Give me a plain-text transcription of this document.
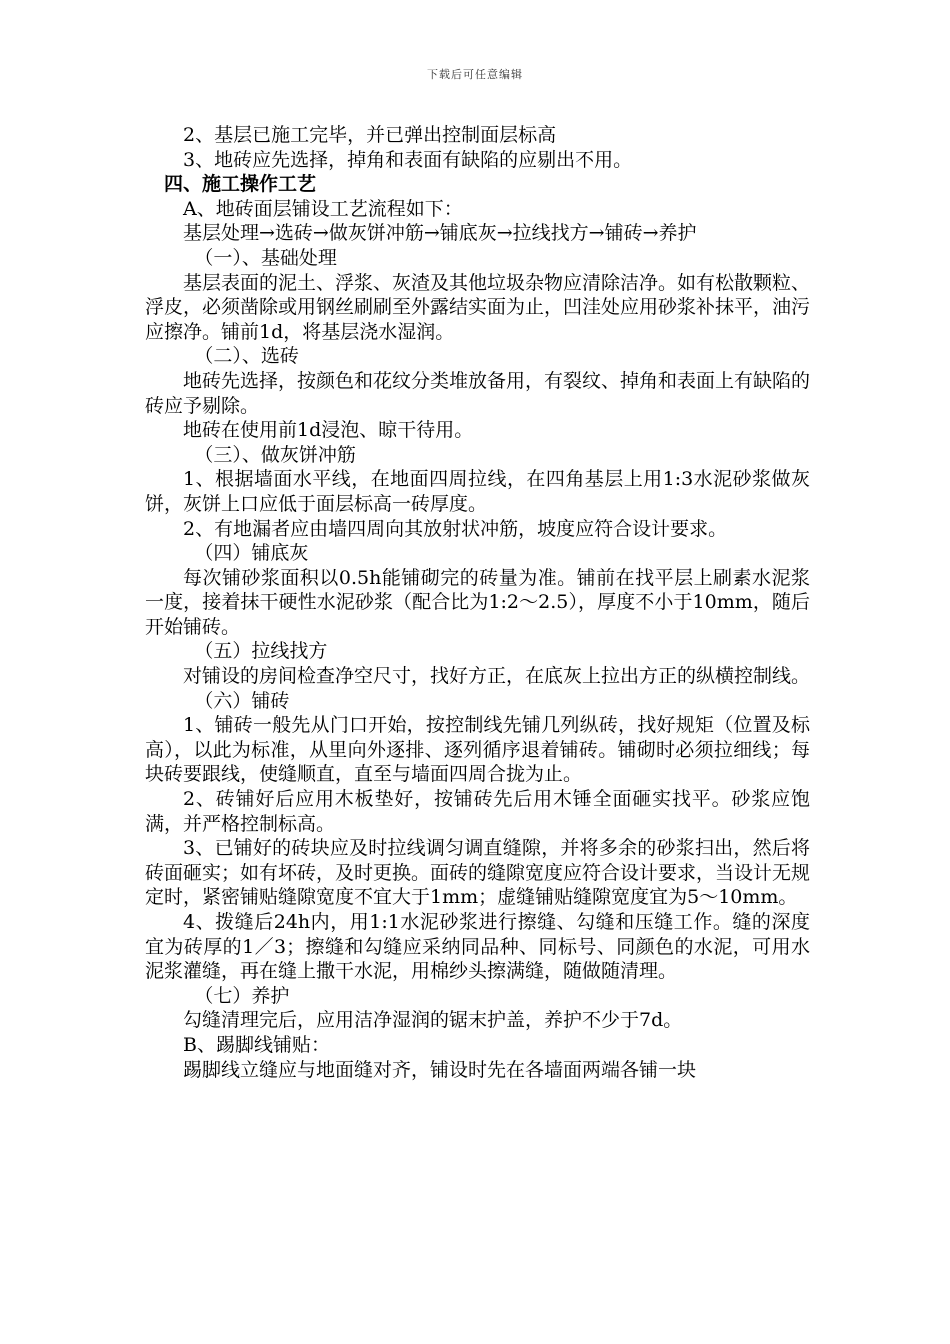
下载后可任意编辑

2、基层已施工完毕，并已弹出控制面层标高

3、地砖应先选择，掉角和表面有缺陷的应剔出不用。

四、施工操作工艺

A、地砖面层铺设工艺流程如下：

基层处理→选砖→做灰饼冲筋→铺底灰→拉线找方→铺砖→养护

（一）、基础处理

基层表面的泥土、浮浆、灰渣及其他垃圾杂物应清除洁净。如有松散颗粒、浮皮，必须凿除或用钢丝刷刷至外露结实面为止，凹洼处应用砂浆补抹平，油污应擦净。铺前1d，将基层浇水湿润。

（二）、选砖

地砖先选择，按颜色和花纹分类堆放备用，有裂纹、掉角和表面上有缺陷的砖应予剔除。

地砖在使用前1d浸泡、晾干待用。

（三）、做灰饼冲筋

1、根据墙面水平线，在地面四周拉线，在四角基层上用1:3水泥砂浆做灰饼，灰饼上口应低于面层标高一砖厚度。

2、有地漏者应由墙四周向其放射状冲筋，坡度应符合设计要求。

（四）铺底灰

每次铺砂浆面积以0.5h能铺砌完的砖量为准。铺前在找平层上刷素水泥浆一度，接着抹干硬性水泥砂浆（配合比为1:2～2.5），厚度不小于10mm，随后开始铺砖。

（五）拉线找方

对铺设的房间检查净空尺寸，找好方正，在底灰上拉出方正的纵横控制线。

（六）铺砖

1、铺砖一般先从门口开始，按控制线先铺几列纵砖，找好规矩（位置及标高），以此为标准，从里向外逐排、逐列循序退着铺砖。铺砌时必须拉细线；每块砖要跟线，使缝顺直，直至与墙面四周合拢为止。

2、砖铺好后应用木板垫好，按铺砖先后用木锤全面砸实找平。砂浆应饱满，并严格控制标高。

3、已铺好的砖块应及时拉线调匀调直缝隙，并将多余的砂浆扫出，然后将砖面砸实；如有坏砖，及时更换。面砖的缝隙宽度应符合设计要求，当设计无规定时，紧密铺贴缝隙宽度不宜大于1mm；虚缝铺贴缝隙宽度宜为5～10mm。

4、拨缝后24h内，用1:1水泥砂浆进行擦缝、勾缝和压缝工作。缝的深度宜为砖厚的1／3；擦缝和勾缝应采纳同品种、同标号、同颜色的水泥，可用水泥浆灌缝，再在缝上撒干水泥，用棉纱头擦满缝，随做随清理。

（七）养护

勾缝清理完后，应用洁净湿润的锯末护盖，养护不少于7d。

B、踢脚线铺贴：

踢脚线立缝应与地面缝对齐，铺设时先在各墙面两端各铺一块
